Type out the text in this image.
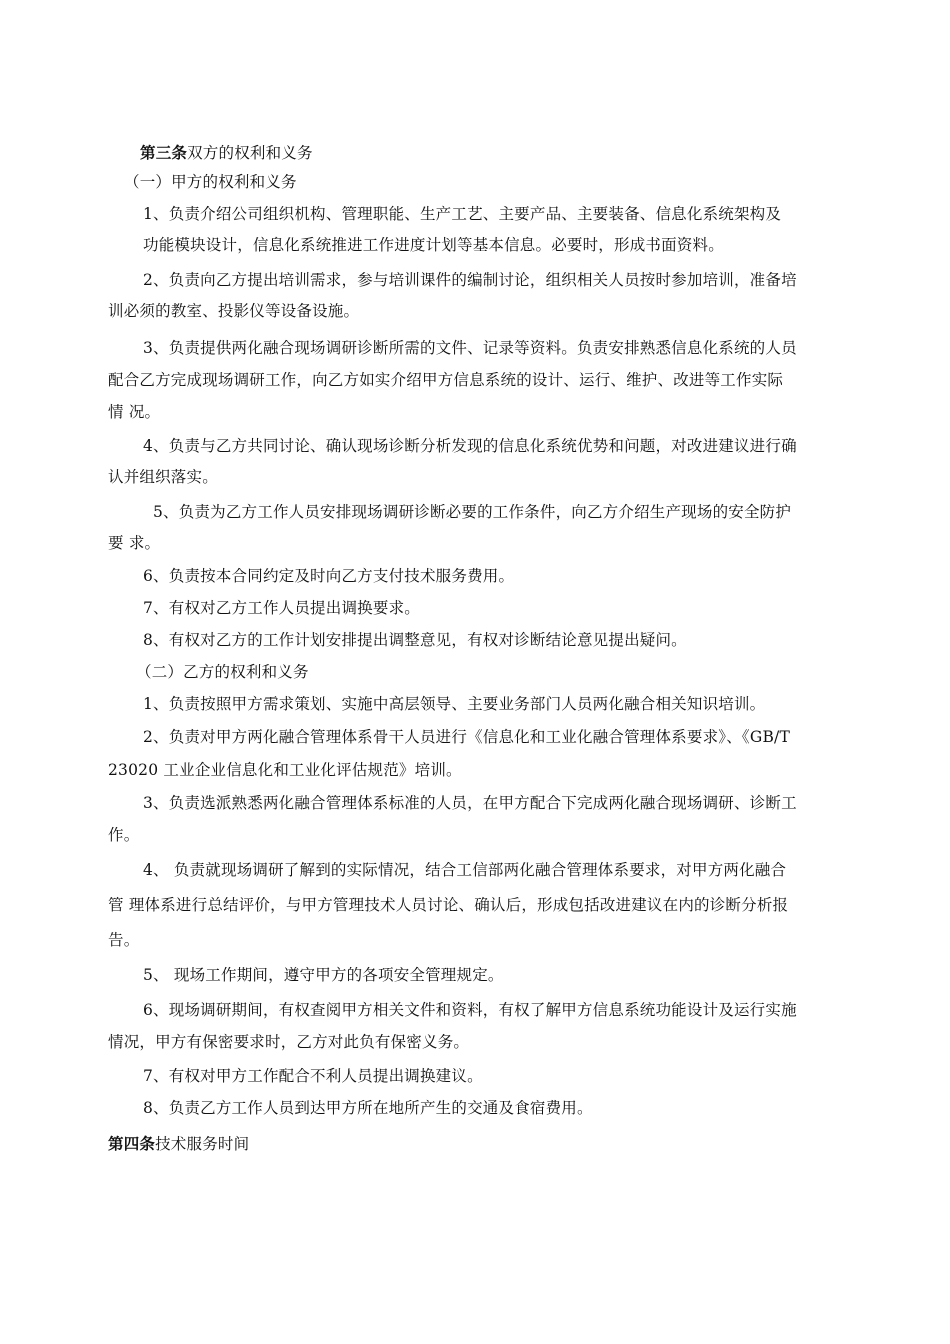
第三条双方的权利和义务
（一）甲方的权利和义务
1、负责介绍公司组织机构、管理职能、生产工艺、主要产品、主要装备、信息化系统架构及
功能模块设计，信息化系统推进工作进度计划等基本信息。必要时，形成书面资料。
2、负责向乙方提出培训需求，参与培训课件的编制讨论，组织相关人员按时参加培训，准备培
训必须的教室、投影仪等设备设施。
3、负责提供两化融合现场调研诊断所需的文件、记录等资料。负责安排熟悉信息化系统的人员
配合乙方完成现场调研工作，向乙方如实介绍甲方信息系统的设计、运行、维护、改进等工作实际
情 况。
4、负责与乙方共同讨论、确认现场诊断分析发现的信息化系统优势和问题，对改进建议进行确
认并组织落实。
5、负责为乙方工作人员安排现场调研诊断必要的工作条件，向乙方介绍生产现场的安全防护
要 求。
6、负责按本合同约定及时向乙方支付技术服务费用。
7、有权对乙方工作人员提出调换要求。
8、有权对乙方的工作计划安排提出调整意见，有权对诊断结论意见提出疑问。
（二）乙方的权利和义务
1、负责按照甲方需求策划、实施中高层领导、主要业务部门人员两化融合相关知识培训。
2、负责对甲方两化融合管理体系骨干人员进行《信息化和工业化融合管理体系要求》、《GB/T
23020 工业企业信息化和工业化评估规范》培训。
3、负责选派熟悉两化融合管理体系标准的人员，在甲方配合下完成两化融合现场调研、诊断工
作。
4、 负责就现场调研了解到的实际情况，结合工信部两化融合管理体系要求，对甲方两化融合
管 理体系进行总结评价，与甲方管理技术人员讨论、确认后，形成包括改进建议在内的诊断分析报
告。
5、 现场工作期间，遵守甲方的各项安全管理规定。
6、现场调研期间，有权查阅甲方相关文件和资料，有权了解甲方信息系统功能设计及运行实施
情况，甲方有保密要求时，乙方对此负有保密义务。
7、有权对甲方工作配合不利人员提出调换建议。
8、负责乙方工作人员到达甲方所在地所产生的交通及食宿费用。
第四条技术服务时间
